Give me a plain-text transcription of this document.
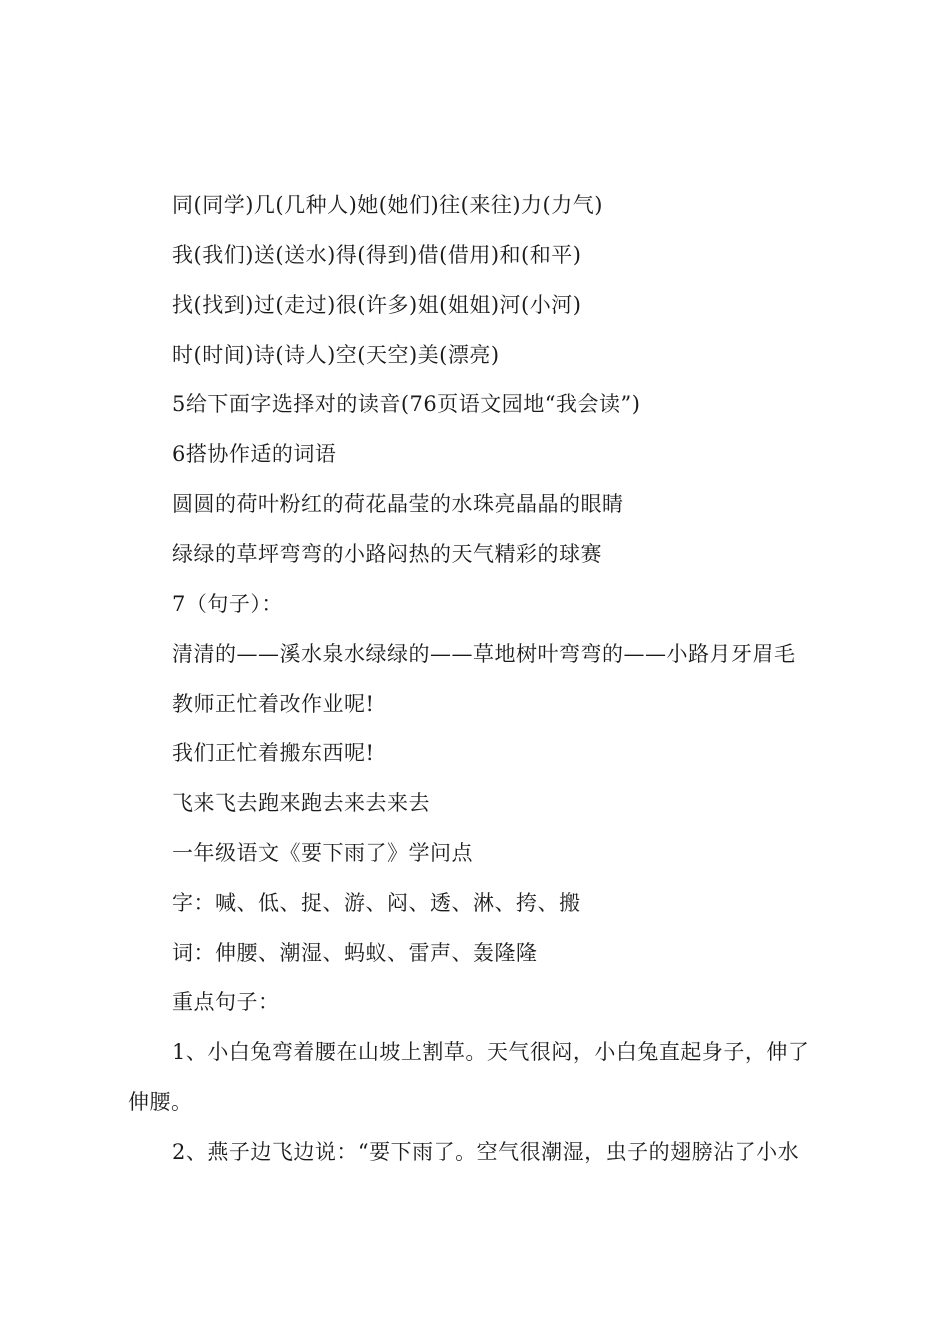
同(同学)几(几种人)她(她们)往(来往)力(力气)
我(我们)送(送水)得(得到)借(借用)和(和平)
找(找到)过(走过)很(许多)姐(姐姐)河(小河)
时(时间)诗(诗人)空(天空)美(漂亮)
5给下面字选择对的读音(76页语文园地“我会读”)
6搭协作适的词语
圆圆的荷叶粉红的荷花晶莹的水珠亮晶晶的眼睛
绿绿的草坪弯弯的小路闷热的天气精彩的球赛
7（句子）：
清清的——溪水泉水绿绿的——草地树叶弯弯的——小路月牙眉毛
教师正忙着改作业呢!
我们正忙着搬东西呢!
飞来飞去跑来跑去来去来去
一年级语文《要下雨了》学问点
字：喊、低、捉、游、闷、透、淋、挎、搬
词：伸腰、潮湿、蚂蚁、雷声、轰隆隆
重点句子：
1、小白兔弯着腰在山坡上割草。天气很闷，小白兔直起身子，伸了
伸腰。
2、燕子边飞边说：“要下雨了。空气很潮湿，虫子的翅膀沾了小水
